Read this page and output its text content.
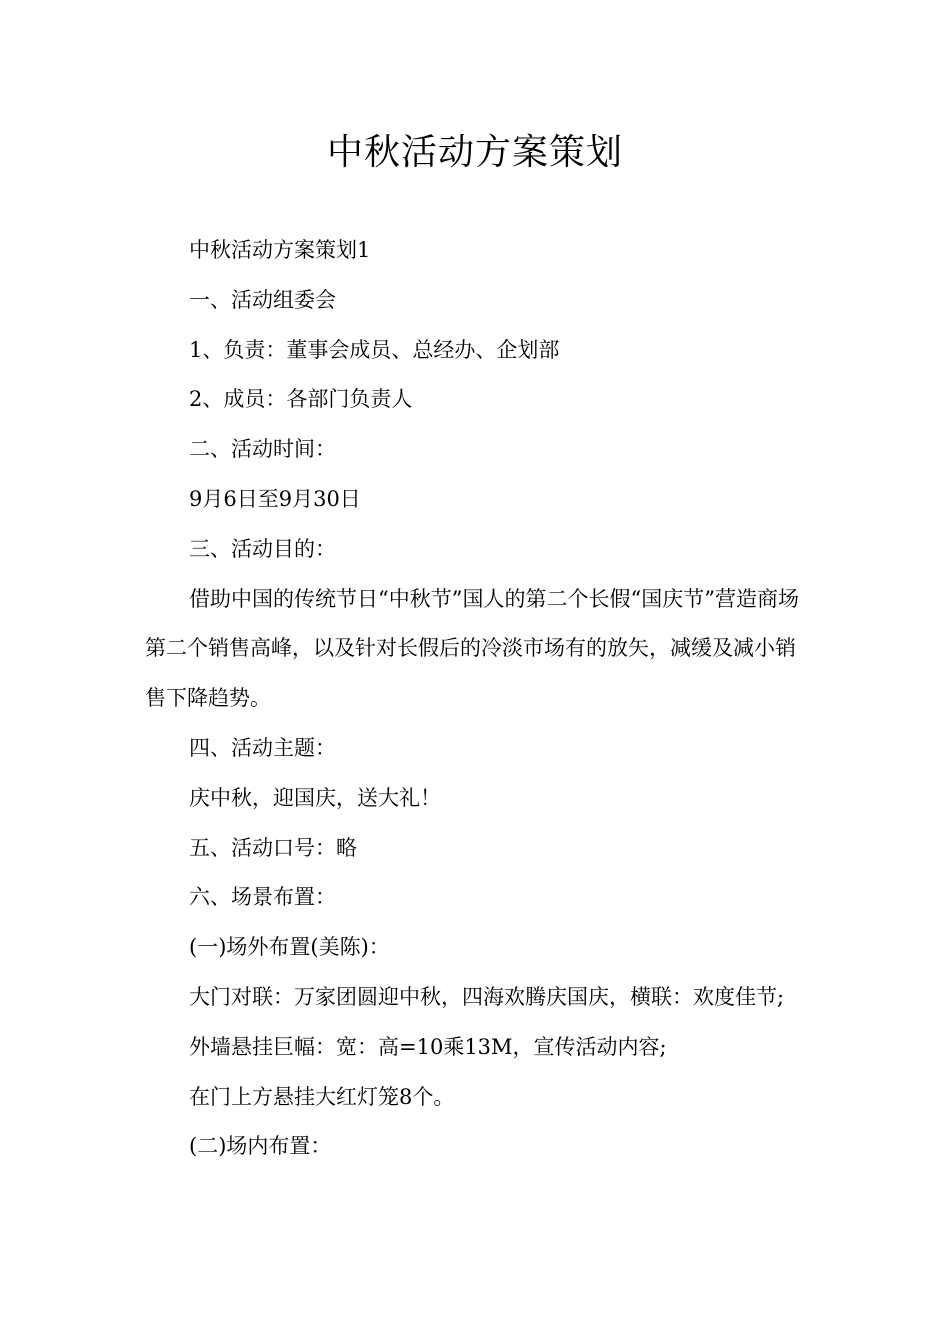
中秋活动方案策划

中秋活动方案策划1

一、活动组委会

1、负责：董事会成员、总经办、企划部

2、成员：各部门负责人

二、活动时间：

9月6日至9月30日

三、活动目的：

借助中国的传统节日“中秋节”国人的第二个长假“国庆节”营造商场第二个销售高峰，以及针对长假后的冷淡市场有的放矢，减缓及减小销售下降趋势。

四、活动主题：

庆中秋，迎国庆，送大礼！

五、活动口号：略

六、场景布置：

(一)场外布置(美陈)：

大门对联：万家团圆迎中秋，四海欢腾庆国庆，横联：欢度佳节;

外墙悬挂巨幅：宽：高=10乘13M，宣传活动内容;

在门上方悬挂大红灯笼8个。

(二)场内布置：
